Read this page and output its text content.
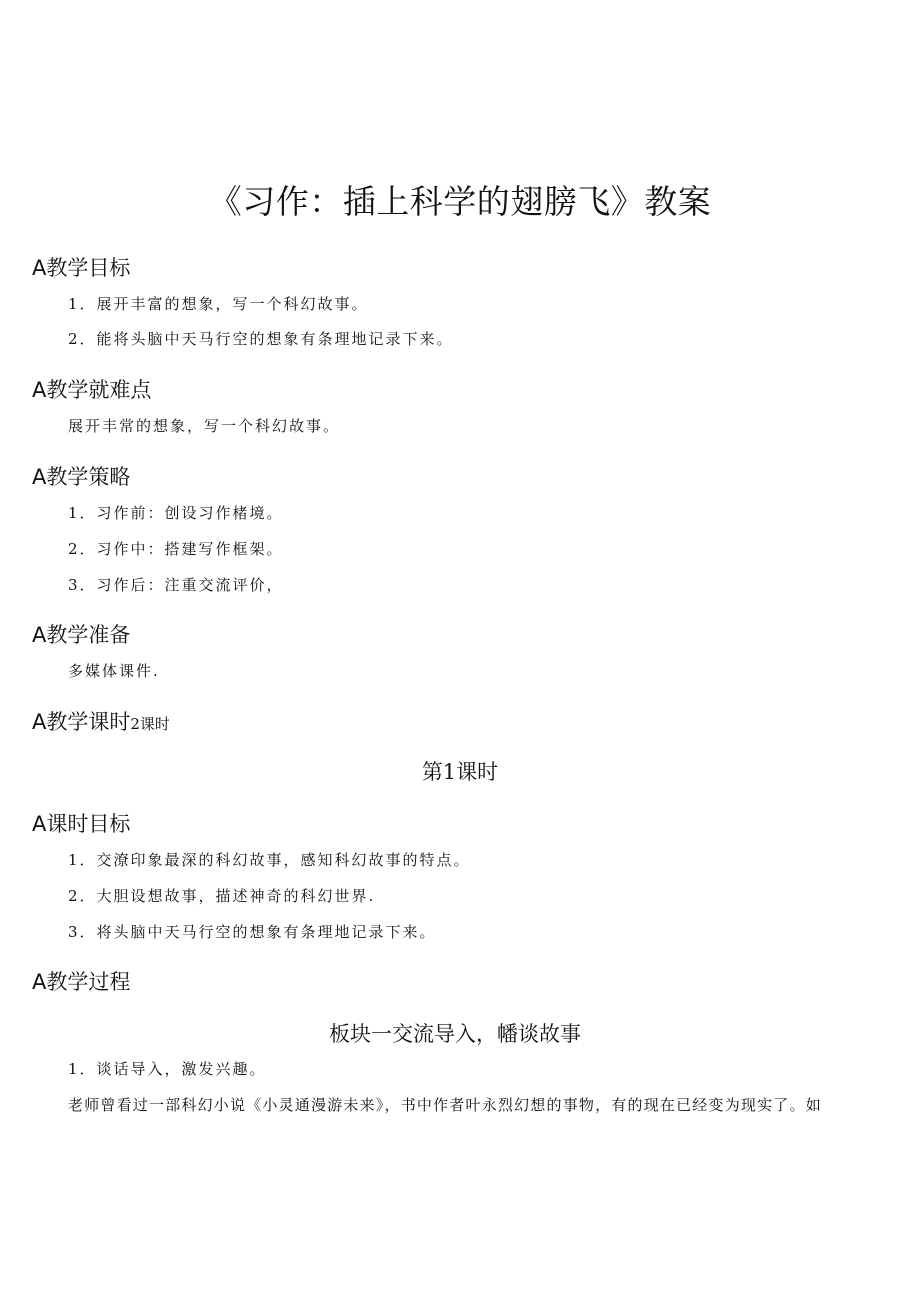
《习作：插上科学的翅膀飞》教案
A教学目标
1．展开丰富的想象，写一个科幻故事。
2．能将头脑中天马行空的想象有条理地记录下来。
A教学就难点
展开丰常的想象，写一个科幻故事。
A教学策略
1．习作前：创设习作楮境。
2．习作中：搭建写作框架。
3．习作后：注重交流评价，
A教学准备
多媒体课件.
A教学课时2课时
第1课时
A课时目标
1．交潦印象最深的科幻故事，感知科幻故事的特点。
2．大胆设想故事，描述神奇的科幻世界.
3．将头脑中天马行空的想象有条理地记录下来。
A教学过程
板块一交流导入，幡谈故事
1．谈话导入，激发兴趣。
老师曾看过一部科幻小说《小灵通漫游未来》，书中作者叶永烈幻想的事物，有的现在已经变为现实了。如
